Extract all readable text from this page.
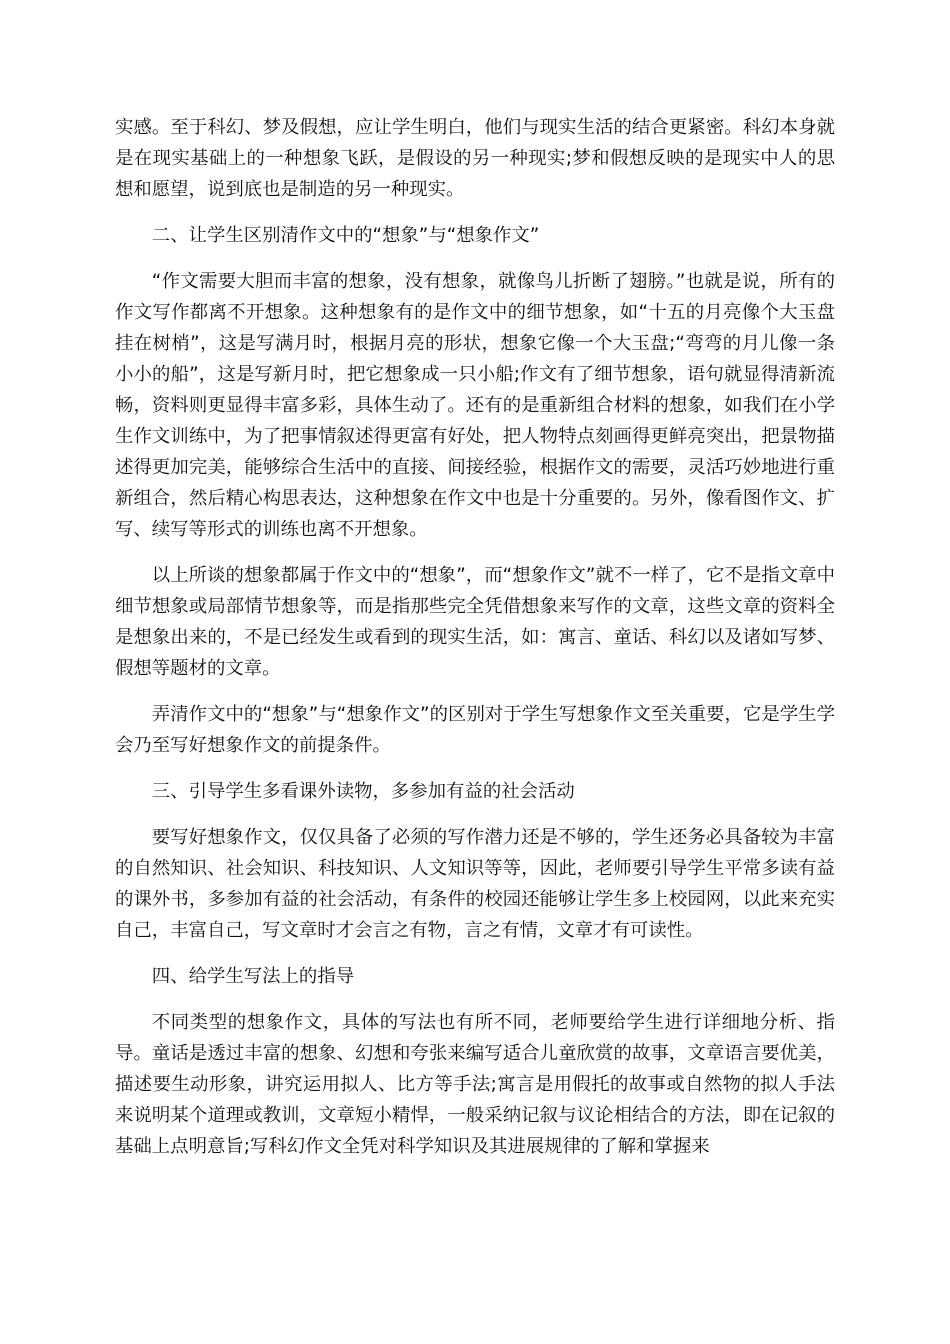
实感。至于科幻、梦及假想，应让学生明白，他们与现实生活的结合更紧密。科幻本身就是在现实基础上的一种想象飞跃，是假设的另一种现实;梦和假想反映的是现实中人的思想和愿望，说到底也是制造的另一种现实。

二、让学生区别清作文中的“想象”与“想象作文”

“作文需要大胆而丰富的想象，没有想象，就像鸟儿折断了翅膀。”也就是说，所有的作文写作都离不开想象。这种想象有的是作文中的细节想象，如“十五的月亮像个大玉盘挂在树梢”，这是写满月时，根据月亮的形状，想象它像一个大玉盘;“弯弯的月儿像一条小小的船”，这是写新月时，把它想象成一只小船;作文有了细节想象，语句就显得清新流畅，资料则更显得丰富多彩，具体生动了。还有的是重新组合材料的想象，如我们在小学生作文训练中，为了把事情叙述得更富有好处，把人物特点刻画得更鲜亮突出，把景物描述得更加完美，能够综合生活中的直接、间接经验，根据作文的需要，灵活巧妙地进行重新组合，然后精心构思表达，这种想象在作文中也是十分重要的。另外，像看图作文、扩写、续写等形式的训练也离不开想象。

以上所谈的想象都属于作文中的“想象”，而“想象作文”就不一样了，它不是指文章中细节想象或局部情节想象等，而是指那些完全凭借想象来写作的文章，这些文章的资料全是想象出来的，不是已经发生或看到的现实生活，如：寓言、童话、科幻以及诸如写梦、假想等题材的文章。

弄清作文中的“想象”与“想象作文”的区别对于学生写想象作文至关重要，它是学生学会乃至写好想象作文的前提条件。

三、引导学生多看课外读物，多参加有益的社会活动

要写好想象作文，仅仅具备了必须的写作潜力还是不够的，学生还务必具备较为丰富的自然知识、社会知识、科技知识、人文知识等等，因此，老师要引导学生平常多读有益的课外书，多参加有益的社会活动，有条件的校园还能够让学生多上校园网，以此来充实自己，丰富自己，写文章时才会言之有物，言之有情，文章才有可读性。

四、给学生写法上的指导

不同类型的想象作文，具体的写法也有所不同，老师要给学生进行详细地分析、指导。童话是透过丰富的想象、幻想和夸张来编写适合儿童欣赏的故事，文章语言要优美，描述要生动形象，讲究运用拟人、比方等手法;寓言是用假托的故事或自然物的拟人手法来说明某个道理或教训，文章短小精悍，一般采纳记叙与议论相结合的方法，即在记叙的基础上点明意旨;写科幻作文全凭对科学知识及其进展规律的了解和掌握来
